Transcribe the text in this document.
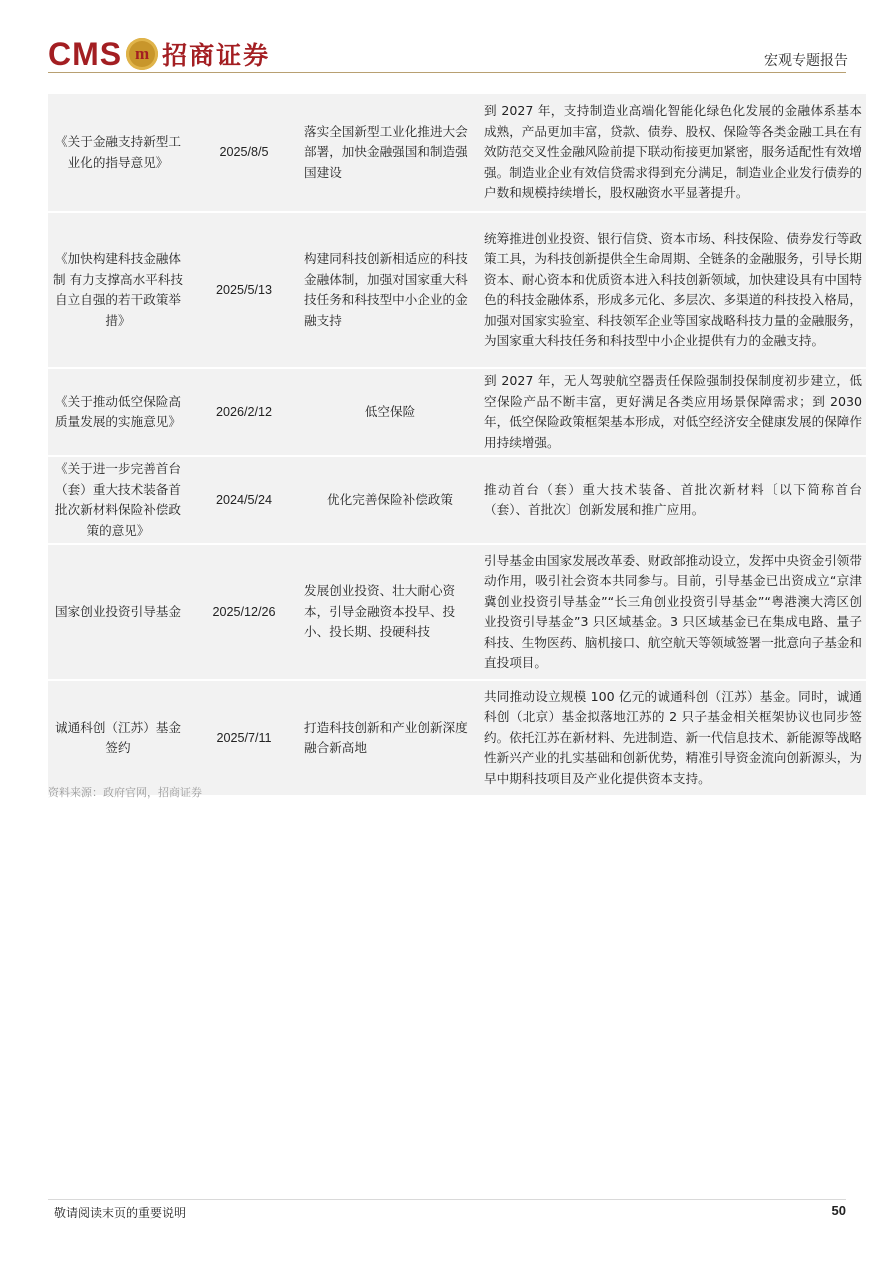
CMS m 招商证券	宏观专题报告
《关于金融支持新型工业化的指导意见》	2025/8/5	落实全国新型工业化推进大会部署，加快金融强国和制造强国建设	到 2027 年，支持制造业高端化智能化绿色化发展的金融体系基本成熟，产品更加丰富，贷款、债券、股权、保险等各类金融工具在有效防范交叉性金融风险前提下联动衔接更加紧密，服务适配性有效增强。制造业企业有效信贷需求得到充分满足，制造业企业发行债券的户数和规模持续增长，股权融资水平显著提升。
《加快构建科技金融体制 有力支撑高水平科技自立自强的若干政策举措》	2025/5/13	构建同科技创新相适应的科技金融体制，加强对国家重大科技任务和科技型中小企业的金融支持	统筹推进创业投资、银行信贷、资本市场、科技保险、债券发行等政策工具，为科技创新提供全生命周期、全链条的金融服务，引导长期资本、耐心资本和优质资本进入科技创新领域，加快建设具有中国特色的科技金融体系，形成多元化、多层次、多渠道的科技投入格局，加强对国家实验室、科技领军企业等国家战略科技力量的金融服务，为国家重大科技任务和科技型中小企业提供有力的金融支持。
《关于推动低空保险高质量发展的实施意见》	2026/2/12	低空保险	到 2027 年，无人驾驶航空器责任保险强制投保制度初步建立，低空保险产品不断丰富，更好满足各类应用场景保障需求；到 2030 年，低空保险政策框架基本形成，对低空经济安全健康发展的保障作用持续增强。
《关于进一步完善首台（套）重大技术装备首批次新材料保险补偿政策的意见》	2024/5/24	优化完善保险补偿政策	推动首台（套）重大技术装备、首批次新材料〔以下简称首台（套）、首批次〕创新发展和推广应用。
国家创业投资引导基金	2025/12/26	发展创业投资、壮大耐心资本，引导金融资本投早、投小、投长期、投硬科技	引导基金由国家发展改革委、财政部推动设立，发挥中央资金引领带动作用，吸引社会资本共同参与。目前，引导基金已出资成立“京津冀创业投资引导基金”“长三角创业投资引导基金”“粤港澳大湾区创业投资引导基金”3 只区域基金。3 只区域基金已在集成电路、量子科技、生物医药、脑机接口、航空航天等领域签署一批意向子基金和直投项目。
诚通科创（江苏）基金签约	2025/7/11	打造科技创新和产业创新深度融合新高地	共同推动设立规模 100 亿元的诚通科创（江苏）基金。同时，诚通科创（北京）基金拟落地江苏的 2 只子基金相关框架协议也同步签约。依托江苏在新材料、先进制造、新一代信息技术、新能源等战略性新兴产业的扎实基础和创新优势，精准引导资金流向创新源头，为早中期科技项目及产业化提供资本支持。
资料来源：政府官网，招商证券
敬请阅读末页的重要说明	50
